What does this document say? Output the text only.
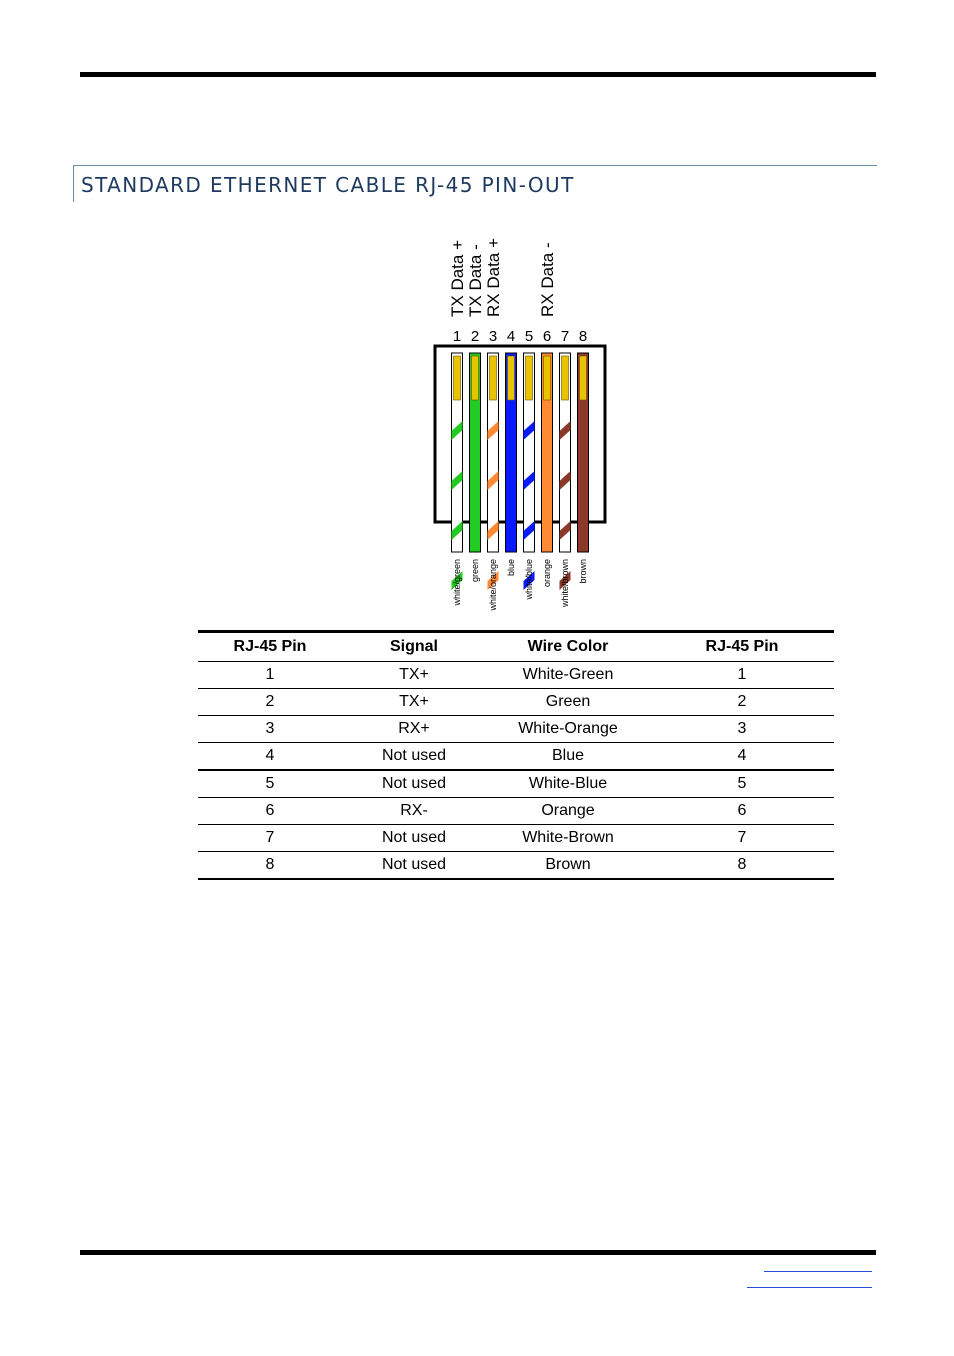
STANDARD ETHERNET CABLE RJ-45 PIN-OUT
TX Data + TX Data - RX Data + RX Data -
1 2 3 4 5 6 7 8
white/green green white/orange blue white/blue orange white/brown brown
RJ-45 Pin	Signal	Wire Color	RJ-45 Pin
1	TX+	White-Green	1
2	TX+	Green	2
3	RX+	White-Orange	3
4	Not used	Blue	4
5	Not used	White-Blue	5
6	RX-	Orange	6
7	Not used	White-Brown	7
8	Not used	Brown	8
